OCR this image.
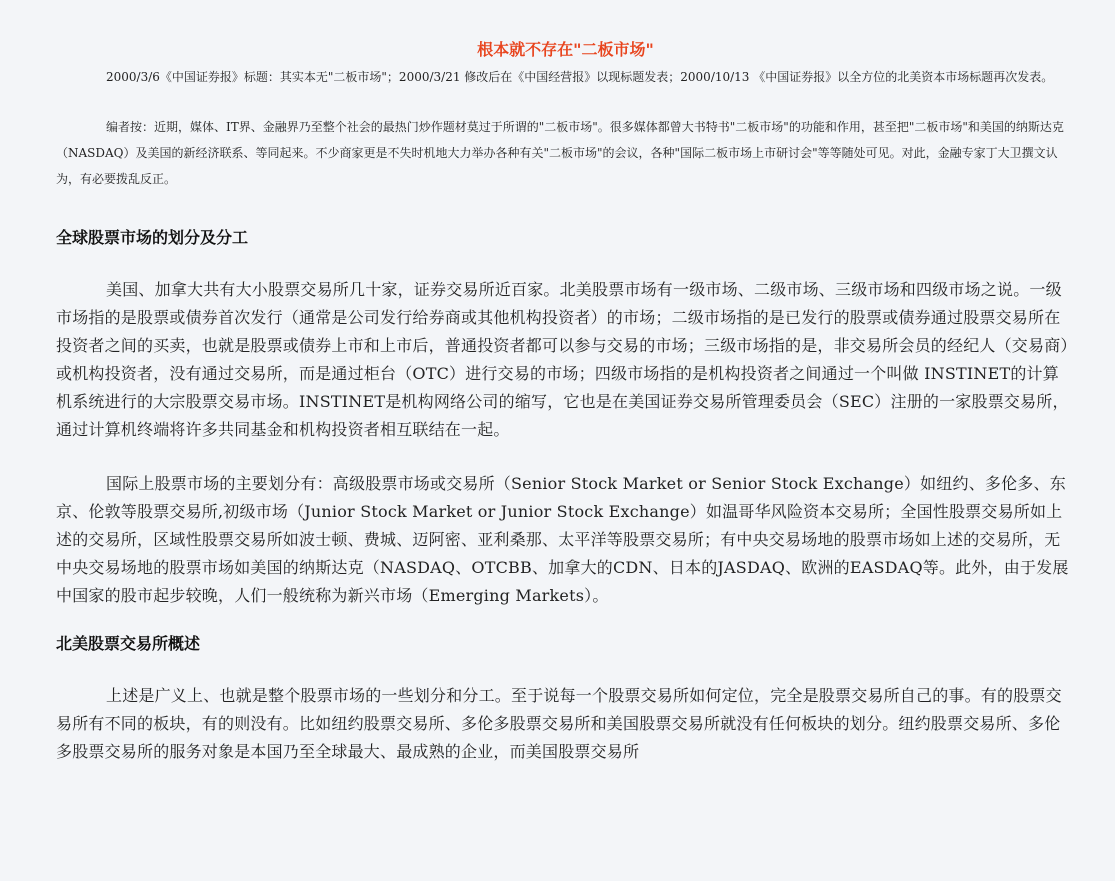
根本就不存在"二板市场"

2000/3/6《中国证券报》标题：其实本无"二板市场"；2000/3/21 修改后在《中国经营报》以现标题发表；2000/10/13 《中国证券报》以全方位的北美资本市场标题再次发表。

编者按：近期，媒体、IT界、金融界乃至整个社会的最热门炒作题材莫过于所谓的"二板市场"。很多媒体都曾大书特书"二板市场"的功能和作用，甚至把"二板市场"和美国的纳斯达克（NASDAQ）及美国的新经济联系、等同起来。不少商家更是不失时机地大力举办各种有关"二板市场"的会议，各种"国际二板市场上市研讨会"等等随处可见。对此，金融专家丁大卫撰文认为，有必要拨乱反正。

全球股票市场的划分及分工

美国、加拿大共有大小股票交易所几十家，证券交易所近百家。北美股票市场有一级市场、二级市场、三级市场和四级市场之说。一级市场指的是股票或债券首次发行（通常是公司发行给券商或其他机构投资者）的市场；二级市场指的是已发行的股票或债券通过股票交易所在投资者之间的买卖，也就是股票或债券上市和上市后，普通投资者都可以参与交易的市场；三级市场指的是，非交易所会员的经纪人（交易商）或机构投资者，没有通过交易所，而是通过柜台（OTC）进行交易的市场；四级市场指的是机构投资者之间通过一个叫做 INSTINET的计算机系统进行的大宗股票交易市场。INSTINET是机构网络公司的缩写，它也是在美国证券交易所管理委员会（SEC）注册的一家股票交易所，通过计算机终端将许多共同基金和机构投资者相互联结在一起。

国际上股票市场的主要划分有：高级股票市场或交易所（Senior Stock Market or Senior Stock Exchange）如纽约、多伦多、东京、伦敦等股票交易所,初级市场（Junior Stock Market or Junior Stock Exchange）如温哥华风险资本交易所；全国性股票交易所如上述的交易所，区域性股票交易所如波士顿、费城、迈阿密、亚利桑那、太平洋等股票交易所；有中央交易场地的股票市场如上述的交易所，无中央交易场地的股票市场如美国的纳斯达克（NASDAQ、OTCBB、加拿大的CDN、日本的JASDAQ、欧洲的EASDAQ等。此外，由于发展中国家的股市起步较晚，人们一般统称为新兴市场（Emerging Markets）。

北美股票交易所概述

上述是广义上、也就是整个股票市场的一些划分和分工。至于说每一个股票交易所如何定位，完全是股票交易所自己的事。有的股票交易所有不同的板块，有的则没有。比如纽约股票交易所、多伦多股票交易所和美国股票交易所就没有任何板块的划分。纽约股票交易所、多伦多股票交易所的服务对象是本国乃至全球最大、最成熟的企业，而美国股票交易所
